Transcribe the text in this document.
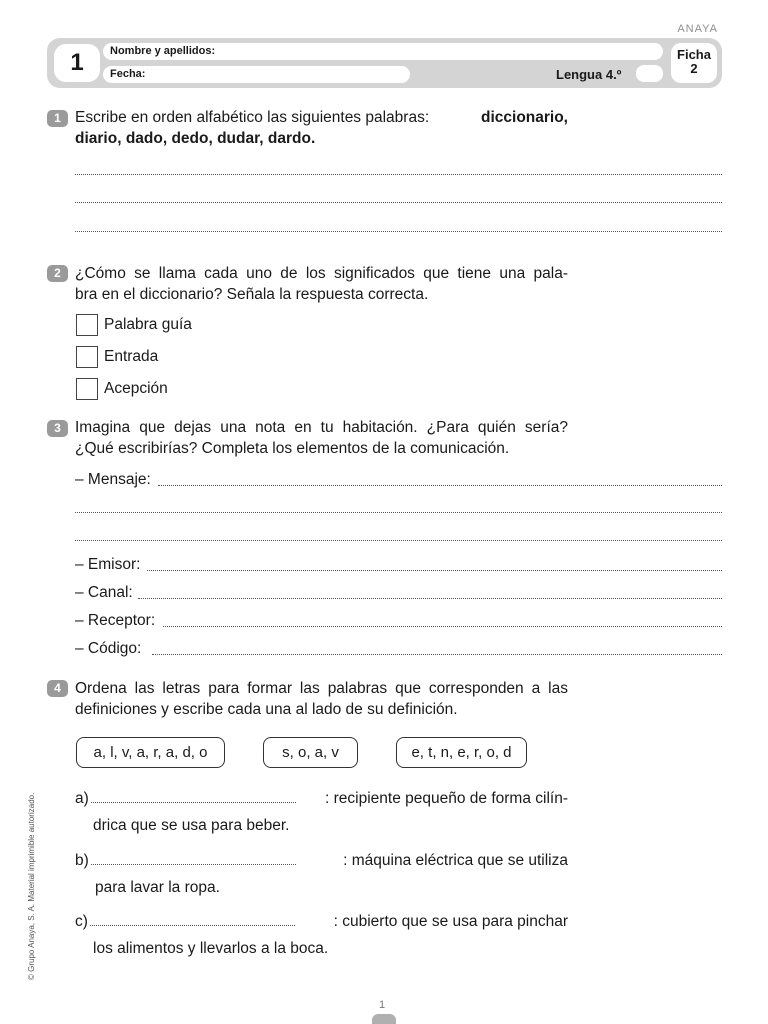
ANAYA
1	Nombre y apellidos:
Fecha:	Lengua 4.º
Ficha
2
1 Escribe en orden alfabético las siguientes palabras:	diccionario,
diario, dado, dedo, dudar, dardo.
2 ¿Cómo se llama cada uno de los significados que tiene una pala-
bra en el diccionario? Señala la respuesta correcta.
Palabra guía
Entrada
Acepción
3 Imagina que dejas una nota en tu habitación. ¿Para quién sería?
¿Qué escribirías? Completa los elementos de la comunicación.
– Mensaje:
– Emisor:
– Canal:
– Receptor:
– Código:
4 Ordena las letras para formar las palabras que corresponden a las
definiciones y escribe cada una al lado de su definición.
a, l, v, a, r, a, d, o	s, o, a, v	e, t, n, e, r, o, d
a)	: recipiente pequeño de forma cilín-
drica que se usa para beber.
b)	: máquina eléctrica que se utiliza
para lavar la ropa.
c)	: cubierto que se usa para pinchar
los alimentos y llevarlos a la boca.
© Grupo Anaya, S. A. Material imprimible autorizado.
1
